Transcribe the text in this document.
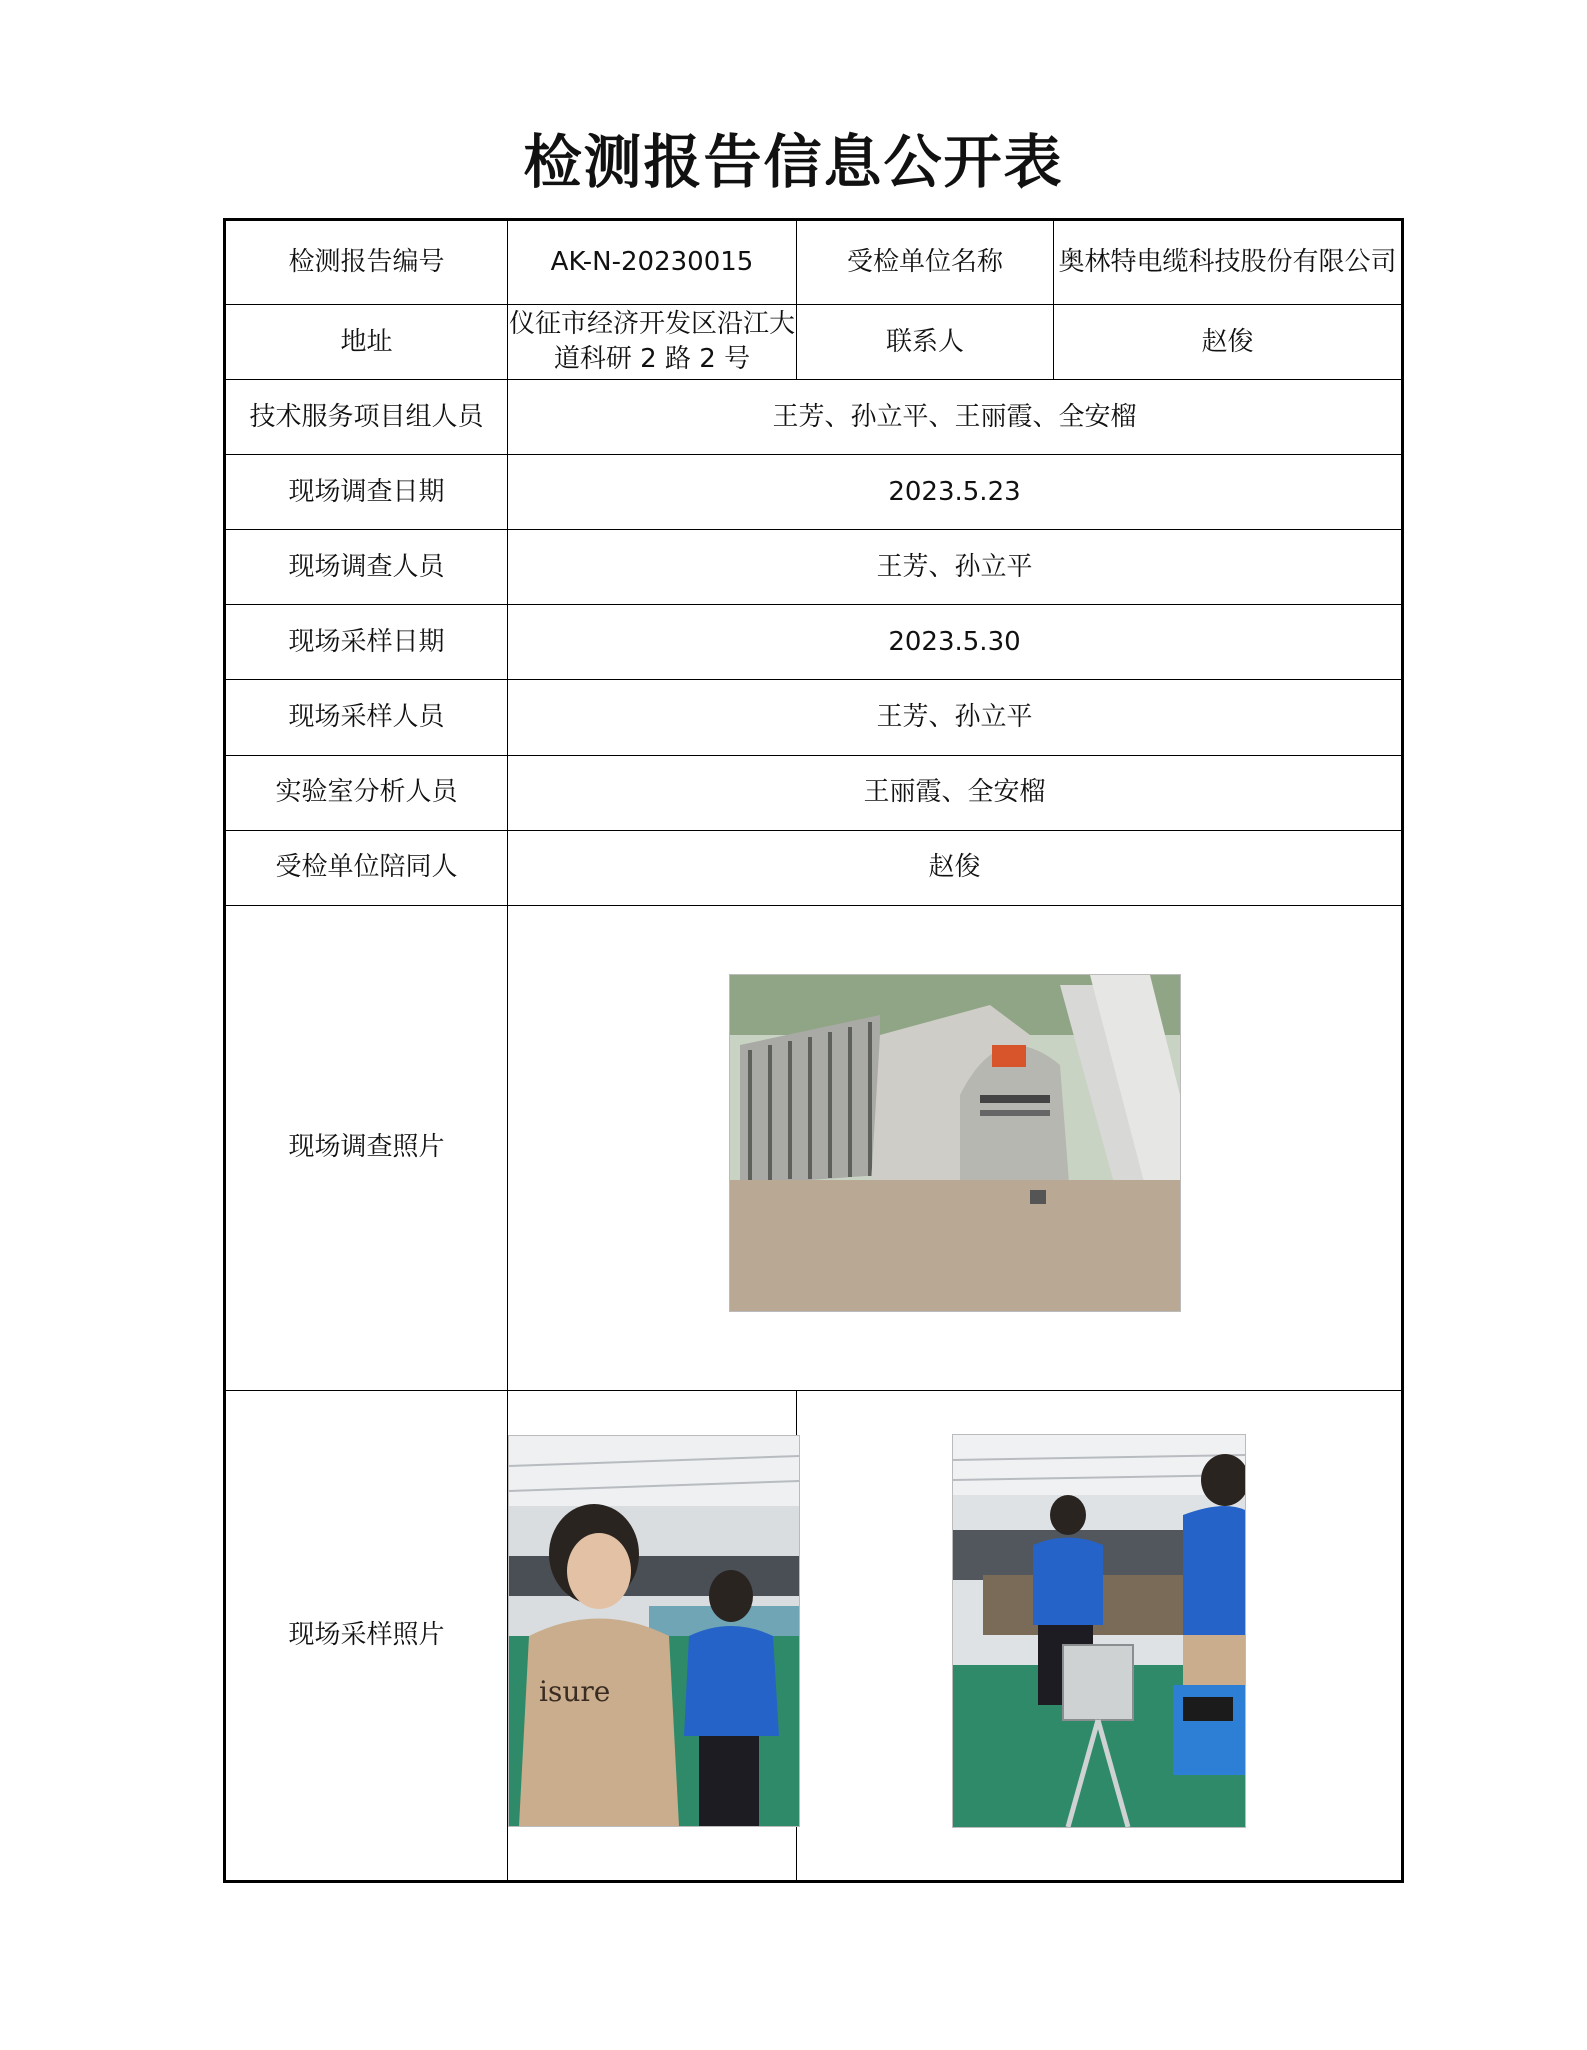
检测报告信息公开表
检测报告编号	AK-N-20230015	受检单位名称	奥林特电缆科技股份有限公司
地址	仪征市经济开发区沿江大道科研 2 路 2 号	联系人	赵俊
技术服务项目组人员	王芳、孙立平、王丽霞、全安榴		
现场调查日期	2023.5.23		
现场调查人员	王芳、孙立平		
现场采样日期	2023.5.30		
现场采样人员	王芳、孙立平		
实验室分析人员	王丽霞、全安榴		
受检单位陪同人	赵俊		
现场调查照片	

现场采样照片	isure
